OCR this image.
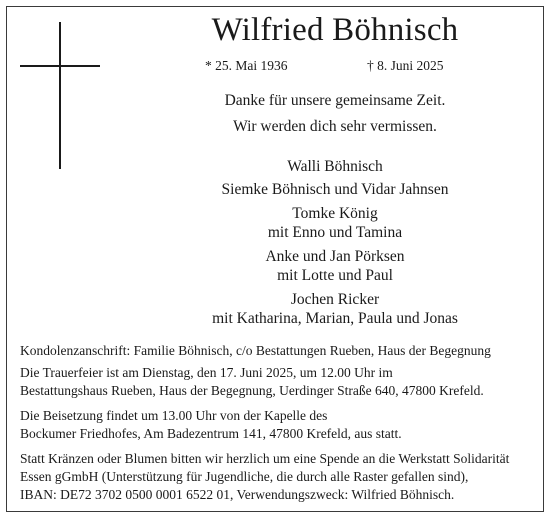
Wilfried Böhnisch
* 25. Mai 1936	† 8. Juni 2025
Danke für unsere gemeinsame Zeit.
Wir werden dich sehr vermissen.
Walli Böhnisch
Siemke Böhnisch und Vidar Jahnsen
Tomke König
mit Enno und Tamina
Anke und Jan Pörksen
mit Lotte und Paul
Jochen Ricker
mit Katharina, Marian, Paula und Jonas
Kondolenzanschrift: Familie Böhnisch, c/o Bestattungen Rueben, Haus der Begegnung
Die Trauerfeier ist am Dienstag, den 17. Juni 2025, um 12.00 Uhr im
Bestattungshaus Rueben, Haus der Begegnung, Uerdinger Straße 640, 47800 Krefeld.
Die Beisetzung findet um 13.00 Uhr von der Kapelle des
Bockumer Friedhofes, Am Badezentrum 141, 47800 Krefeld, aus statt.
Statt Kränzen oder Blumen bitten wir herzlich um eine Spende an die Werkstatt Solidarität
Essen gGmbH (Unterstützung für Jugendliche, die durch alle Raster gefallen sind),
IBAN: DE72 3702 0500 0001 6522 01, Verwendungszweck: Wilfried Böhnisch.
